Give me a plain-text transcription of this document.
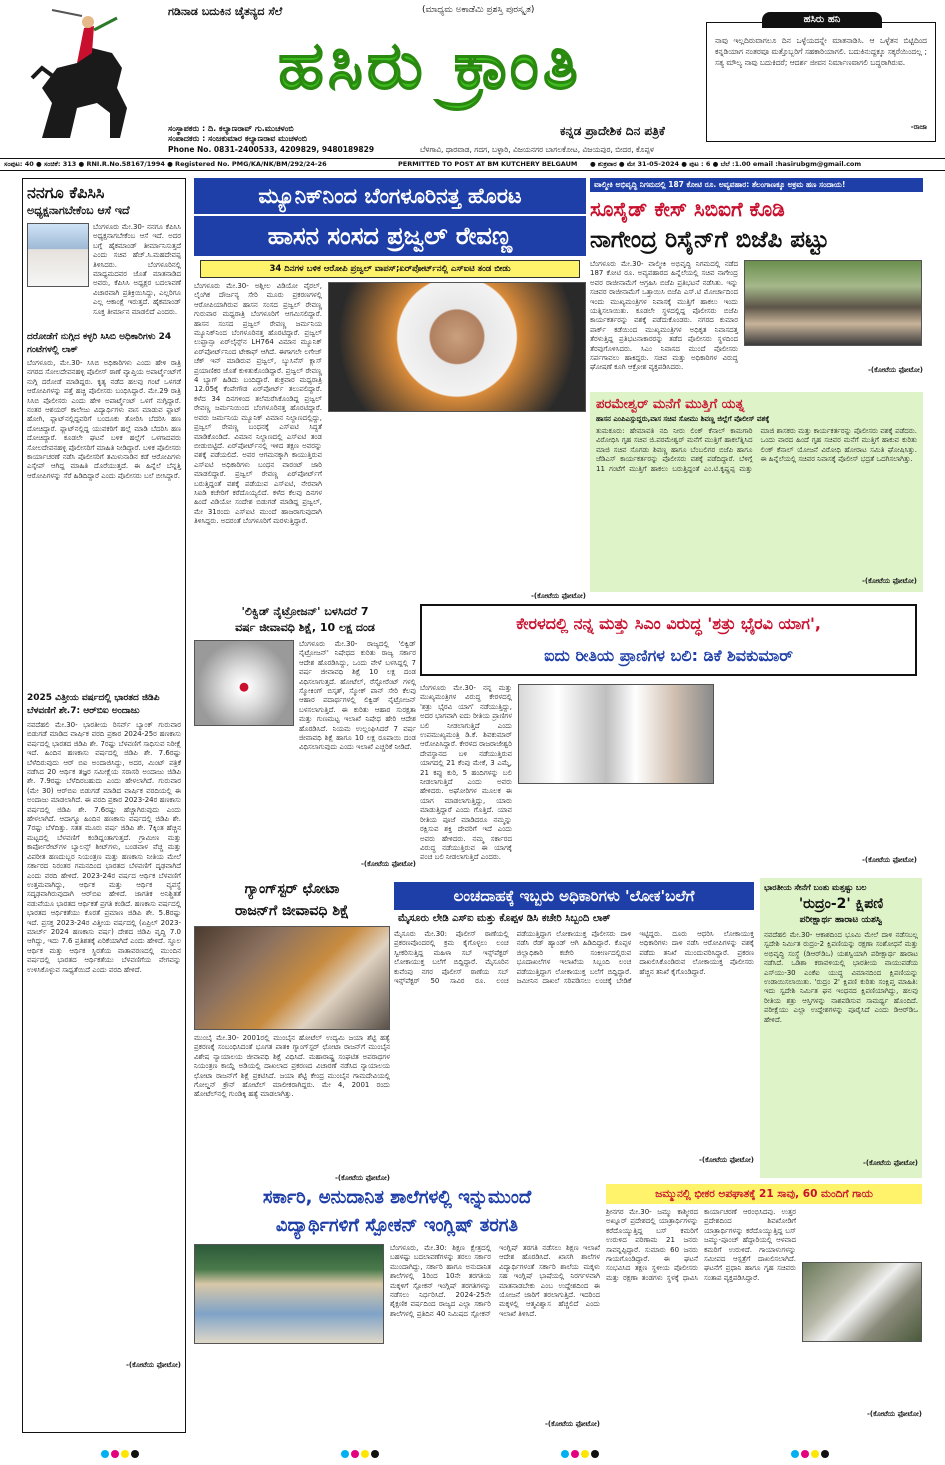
ಗಡಿನಾಡ ಬದುಕಿನ ಚೈತನ್ಯದ ಸೆಲೆ	(ಮಾಧ್ಯಮ ಅಕಾಡೆಮಿ ಪ್ರಶಸ್ತಿ ಪುರಸ್ಕೃತ)
ಹಸಿರು ಕ್ರಾಂತಿ
ಸಂಸ್ಥಾಪಕರು : ದಿ. ಕಲ್ಯಾಣರಾವ್ ಗು.ಮುಚಳಂಬಿ
ಸಂಪಾದಕರು : ಸಂಜಕುಮಾರ ಕಲ್ಯಾಣರಾವ ಮುಚಳಂಬಿ
Phone No. 0831-2400533, 4209829, 9480189829	ಬೆಳಗಾವಿ, ಧಾರವಾಡ, ಗದಗ, ಬಳ್ಳಾರಿ, ವಿಜಯನಗರ ಬಾಗಲಕೋಟ, ವಿಜಯಪುರ, ಬೀದರ, ಕೊಪ್ಪಳ
ಕನ್ನಡ ಪ್ರಾದೇಶಿಕ ದಿನ ಪತ್ರಿಕೆ
ನಾವು ಇಲ್ಲದಿರುವಾಗಲೂ ದಿನ ಒಳ್ಳೆಯದನ್ನೇ ಮಾತನಾಡಿಸಿ. ಆ ಒಳ್ಳೆತನ ಬಿಟ್ಟಿದಿಂದ ಕನ್ನಡಿಯಾಗ ನಂತರವೂ ಮತ್ತೊಬ್ಬರಿಗೆ ಸಹಕಾರಿಯಾಗಲಿ. ಬದುಕಿನುದ್ದಕ್ಕೂ ಸಕ್ಕರೆಯಿಂದಲ್ಲ ; ಸತ್ಯ ಮೌಲ್ಯ ನಾವು ಬದುಕಿದರೆ; ಆದರ್ಶ ಜೀವನ ನಿರ್ಮಾಣವಾಗಲಿ ಬದ್ಧರಾಗಿರುವ.
-ರಾಜಾ
ಹಸಿರು ಹನಿ
ಸಂಪುಟ: 40 ● ಸಂಚಿಕೆ: 313 ● RNI.R.No.58167/1994 ● Registered No. PMG/KA/NK/BM/292/24-26	PERMITTED TO POST AT BM KUTCHERY BELGAUM ● ಶುಕ್ರವಾರ ● ಮೇ 31-05-2024 ● ಪುಟ : 6 ● ಬೆಲೆ :1.00 email :hasirubgm@gmail.com
ನನಗೂ ಕೆಪಿಸಿಸಿ
ಅಧ್ಯಕ್ಷನಾಗಬೇಕೆಂಬ ಆಸೆ ಇದೆ
ಬೆಂಗಳೂರು ಮೇ.30- ನನಗೂ ಕೆಪಿಸಿಸಿ ಅಧ್ಯಕ್ಷನಾಗಬೇಕೆಂಬ ಆಸೆ ಇದೆ. ಅದರ ಬಗ್ಗೆ ಹೈಕಮಾಂಡ್ ತೀರ್ಮಾನಿಸುತ್ತದೆ ಎಂದು ಸಚಿವ ಹೆಚ್.ಸಿ.ಮಹದೇವಪ್ಪ ತಿಳಿಸಿದರು. ಬೆಂಗಳೂರಿನಲ್ಲಿ ಮಾಧ್ಯಮದವರ ಜೊತೆ ಮಾತನಾಡಿದ ಅವರು, ಕೆಪಿಸಿಸಿ ಅಧ್ಯಕ್ಷರ ಬದಲಾವಣೆ ವಿಚಾರವಾಗಿ ಪ್ರತಿಕ್ರಿಯಿಸಿದ್ದು, ಎಲ್ಲರಿಗೂ ಎಲ್ಲ ಆಕಾಂಕ್ಷೆ ಇರುತ್ತದೆ. ಹೈಕಮಾಂಡ್ ಸೂಕ್ತ ತೀರ್ಮಾನ ಮಾಡಲಿದೆ ಎಂದರು.
ದರೋಡೆಗೆ ನುಗ್ಗಿದ ಕಳ್ಳರಿ ಸಿಸಿಬಿ ಅಧಿಕಾರಿಗಳು 24 ಗಂಟೆಗಳಲ್ಲಿ ಲಾಕ್
ಬೆಂಗಳೂರು, ಮೇ.30- ಸಿಸಿಬಿ ಅಧಿಕಾರಿಗಳು ಎಂದು ಹೇಳಿ ರಾತ್ರಿ ನಗರದ ಸೋಲದೇವನಹಳ್ಳಿ ಪೊಲೀಸ್ ಠಾಣೆ ವ್ಯಾಪ್ತಿಯ ಅಪಾರ್ಟ್ಮೆಂಟ್‌ಗೆ ನುಗ್ಗಿ ದರೋಡೆ ಮಾಡಿದ್ದರು. ಕೃತ್ಯ ನಡೆದ ಹಲವು ಗಂಟೆ ಒಳಗಡೆ ಆರೋಪಿಗಳನ್ನು ಪತ್ತೆ ಹಚ್ಚಿ ಪೊಲೀಸರು ಬಂಧಿಸಿದ್ದಾರೆ. ಮೇ.29 ರಾತ್ರಿ ಸಿಸಿಬಿ ಪೊಲೀಸರು ಎಂದು ಹೇಳಿ ಅಪಾರ್ಟ್ಮೆಂಟ್ ಒಳಗೆ ನುಗ್ಗಿದ್ದಾರೆ. ನಂತರ ಆಶಯರ್ ಕಾಲೇಜು ವಿದ್ಯಾರ್ಥಿಗಳು ವಾಸ ಮಾಡುವ ಫ್ಲಾಟ್ ಹೋಗಿ, ಫ್ಲಾಟ್‌ನಲ್ಲಿದ್ದವರಿಗೆ ಬಂದೂಕು ತೋರಿಸಿ ಬೆದರಿಸಿ ಹಣ ದೋಚಿದ್ದಾರೆ. ಫ್ಲಾಟ್‌ನಲ್ಲಿದ್ದ ಯುವಕರಿಗೆ ಹಲ್ಲೆ ಮಾಡಿ ಬೆದರಿಸಿ ಹಣ ದೋಚಿದ್ದಾರೆ. ಕೂಡಲೇ ಘಟನೆ ಬಳಿಕ ಹಲ್ಲೆಗೆ ಒಳಗಾದವರು ಸೋಲದೇವನಹಳ್ಳಿ ಪೊಲೀಸರಿಗೆ ಮಾಹಿತಿ ನೀಡಿದ್ದಾರೆ. ಬಳಿಕ ಪೊಲೀಸರು ಕಾರ್ಯಾಚರಣೆ ನಡೆಸಿ ಪೊಲೀಸರಿಗೆ ತಮಿಳುನಾಡಿನ ಕಡೆ ಆರೋಪಿಗಳು ಎಸ್ಕೇಪ್ ಆಗಿದ್ದ ಮಾಹಿತಿ ದೊರೆಯುತ್ತದೆ. ಈ ಹಿನ್ನೆಲೆ ಬೆನ್ನತ್ತಿ ಆರೋಪಿಗಳನ್ನು ಸೆರೆ ಹಿಡಿದಿದ್ದಾರೆ ಎಂದು ಪೊಲೀಸರು ಬಲೆ ಬೀಸಿದ್ದಾರೆ.
2025 ವಿತ್ತೀಯ ವರ್ಷದಲ್ಲಿ ಭಾರತದ ಜಿಡಿಪಿ ಬೆಳವಣಿಗೆ ಶೇ.7: ಆರ್‌ಬಿಐ ಅಂದಾಜು
ನವದೆಹಲಿ ಮೇ.30- ಭಾರತೀಯ ರಿಸರ್ವ್ ಬ್ಯಾಂಕ್ ಗುರುವಾರ ಬಿಡುಗಡೆ ಮಾಡಿದ ವಾರ್ಷಿಕ ವರದಿ ಪ್ರಕಾರ 2024-25ರ ಹಣಕಾಸು ವರ್ಷದಲ್ಲಿ ಭಾರತದ ಜಿಡಿಪಿ ಶೇ. 7ರಷ್ಟು ಬೆಳವಣಿಗೆ ಸಾಧಿಸುವ ನಿರೀಕ್ಷೆ ಇದೆ. ಹಿಂದಿನ ಹಣಕಾಸು ವರ್ಷದಲ್ಲಿ ಜಿಡಿಪಿ ಶೇ. 7.6ರಷ್ಟು ಬೆಳೆದಿರುವುದು ಆರ್ ಬಿಐ ಅಂದಾಜಿಸಿದ್ದು, ಅದರ, ಮಿಂಟ್ ಪತ್ರಿಕೆ ನಡೆಸಿದ 20 ಆರ್ಥಿಕ ತಜ್ಞರ ಸಮೀಕ್ಷೆಯ ಸರಾಸರಿ ಅಂದಾಜು ಜಿಡಿಪಿ ಶೇ. 7.9ರಷ್ಟು ಬೆಳೆದಿರಬಹುದು ಎಂದು ಹೇಳಲಾಗಿದೆ. ಗುರುವಾರ (ಮೇ 30) ಆರ್‌ಬಿಐ ಬಿಡುಗಡೆ ಮಾಡಿದ ವಾರ್ಷಿಕ ವರದಿಯಲ್ಲಿ ಈ ಅಂದಾಜು ಮಾಡಲಾಗಿದೆ. ಈ ವರದಿ ಪ್ರಕಾರ 2023-24ರ ಹಣಕಾಸು ವರ್ಷದಲ್ಲಿ ಜಿಡಿಪಿ ಶೇ. 7.6ರಷ್ಟು ಹೆಚ್ಚಾಗಿರುವುದು ಎಂದು ಹೇಳಲಾಗಿದೆ. ಆದಾಗ್ಯೂ ಹಿಂದಿನ ಹಣಕಾಸು ವರ್ಷದಲ್ಲಿ ಜಿಡಿಪಿ ಶೇ. 7ರಷ್ಟು ಬೆಳೆದಿತ್ತು. ಸತತ ಮೂರು ವರ್ಷ ಜಿಡಿಪಿ ಶೇ. 7ಕ್ಕಿಂತ ಹೆಚ್ಚಿನ ಮಟ್ಟದಲ್ಲಿ ಬೆಳವಣಿಗೆ ಕಂಡಿದ್ದಂತಾಗುತ್ತದೆ. ಗ್ರಾಮೀಣ ಮತ್ತು ಕಾರ್ಪೋರೇಟ್‌ಗಳ ಬ್ಯಾಲನ್ಸ್ ಶೀಟ್‌ಗಳು, ಬಂಡವಾಳ ವೆಚ್ಚ ಮತ್ತು ವಿಪರೀತ ಹಣದುಬ್ಬರ ನಿಯಂತ್ರಣ ಮತ್ತು ಹಣಕಾಸು ನೀತಿಯ ಮೇಲೆ ಸರ್ಕಾರದ ನಿರಂತರ ಗಮನದಿಂದ ಭಾರತದ ಬೆಳವಣಿಗೆ ದೃಢವಾಗಿದೆ ಎಂದು ವರದಿ ಹೇಳಿದೆ. 2023-24ರ ವರ್ಷದ ಆರ್ಥಿಕ ಬೆಳವಣಿಗೆ ಉತ್ತಮವಾಗಿದ್ದು, ಆರ್ಥಿಕ ಮತ್ತು ಆರ್ಥಿಕ ವ್ಯವಸ್ಥೆ ಸದೃಢವಾಗಿರುವುದಾಗಿ ಆರ್‌ಬಿಐ ಹೇಳಿದೆ. ಜಾಗತಿಕ ಅನಿಶ್ಚಿತತೆ ನಡುವೆಯೂ ಭಾರತದ ಆರ್ಥಿಕತೆ ಪ್ರಗತಿ ಕಂಡಿದೆ. ಹಣಕಾಸು ವರ್ಷದಲ್ಲಿ ಭಾರತದ ಆರ್ಥಿಕತೆಯು ಕೊರತೆ ಪ್ರಮಾಣ ಜಿಡಿಪಿ ಶೇ. 5.8ರಷ್ಟು ಇದೆ. ಪ್ರಸಕ್ತ 2023-24ರ ವಿತ್ತೀಯ ವರ್ಷದಲ್ಲಿ (ಏಪ್ರಿಲ್ 2023-ಮಾರ್ಚ್ 2024 ಹಣಕಾಸು ವರ್ಷ) ದೇಶದ ಜಿಡಿಪಿ ವೃದ್ಧಿ 7.0 ಆಗಿದ್ದು, ಇದು 7.6 ಪ್ರತಿಶತಕ್ಕೆ ಏರಿಕೆಯಾಗಿದೆ ಎಂದು ಹೇಳಿದೆ. ಸ್ಥೂಲ ಆರ್ಥಿಕ ಮತ್ತು ಆರ್ಥಿಕ ಸ್ಥಿರತೆಯ ವಾತಾವರಣದಲ್ಲಿ ಮುಂದಿನ ವರ್ಷದಲ್ಲಿ ಭಾರತದ ಆರ್ಥಿಕತೆಯು ಬೆಳವಣಿಗೆಯ ವೇಗವನ್ನು ಉಳಿಸಿಕೊಳ್ಳುವ ಸಾಧ್ಯತೆಯಿದೆ ಎಂದು ವರದಿ ಹೇಳಿದೆ.
-(ಕೋಟೆಯ ಫೋಟೋ)
ಮ್ಯೂನಿಕ್‌ನಿಂದ ಬೆಂಗಳೂರಿನತ್ತ ಹೊರಟ
ಹಾಸನ ಸಂಸದ ಪ್ರಜ್ವಲ್ ರೇವಣ್ಣ
34 ದಿನಗಳ ಬಳಿಕ ಆರೋಪಿ ಪ್ರಜ್ವಲ್ ವಾಪಸ್;ಏರ್‌ಪೋರ್ಟ್‌ನಲ್ಲಿ ಎಸ್‌ಐಟಿ ತಂಡ ಬೀಡು
ಬೆಂಗಳೂರು ಮೇ.30- ಅಶ್ಲೀಲ ವಿಡಿಯೋ ವೈರಲ್, ಲೈಂಗಿಕ ದೌರ್ಜನ್ಯ ಸೇರಿ ಮೂರು ಪ್ರಕರಣಗಳಲ್ಲಿ ಆರೋಪಿಯಾಗಿರುವ ಹಾಸನ ಸಂಸದ ಪ್ರಜ್ವಲ್ ರೇವಣ್ಣ ಗುರುವಾರ ಮಧ್ಯರಾತ್ರಿ ಬೆಂಗಳೂರಿಗೆ ಆಗಮಿಸಲಿದ್ದಾರೆ. ಹಾಸನ ಸಂಸದ ಪ್ರಜ್ವಲ್ ರೇವಣ್ಣ ಜರ್ಮನಿಯ ಮ್ಯೂನಿಕ್‌ನಿಂದ ಬೆಂಗಳೂರಿನತ್ತ ಹೊರಟಿದ್ದಾರೆ. ಪ್ರಜ್ವಲ್ ಲುಫ್ತಾನ್ಸಾ ಏರ್‌ಲೈನ್ಸ್‌ನ LH764 ವಿಮಾನ ಮ್ಯೂನಿಕ್ ಏರ್‌ಪೋರ್ಟ್‌ನಿಂದ ಟೇಕಾಫ್ ಆಗಿದೆ. ಈಗಾಗಲೇ ಲಗೇಜ್ ಚೆಕ್ ಇನ್ ಮಾಡಿರುವ ಪ್ರಜ್ವಲ್, ಬ್ಯುಸಿನೆಸ್ ಕ್ಲಾಸ್ ಪ್ರಯಾಣಿಕರ ಜೊತೆ ಕುಳಿತುಕೊಂಡಿದ್ದಾರೆ. ಪ್ರಜ್ವಲ್ ರೇವಣ್ಣ 4 ಬ್ಯಾಗ್ ಹಿಡಿದು ಬಂದಿದ್ದಾರೆ. ಶುಕ್ರವಾರ ಮಧ್ಯರಾತ್ರಿ 12.05ಕ್ಕೆ ಕೆಂಪೇಗೌಡ ಏರ್‌ಪೋರ್ಟ್ ತಲುಪಲಿದ್ದಾರೆ. ಕಳೆದ 34 ದಿನಗಳಿಂದ ತಲೆಮರೆಸಿಕೊಂಡಿದ್ದ ಪ್ರಜ್ವಲ್ ರೇವಣ್ಣ ಜರ್ಮನಿಯಿಂದ ಬೆಂಗಳೂರಿನತ್ತ ಹೊರಟಿದ್ದಾರೆ. ಅವರು ಜರ್ಮನಿಯ ಮ್ಯೂನಿಕ್ ವಿಮಾನ ನಿಲ್ದಾಣದಲ್ಲಿದ್ದು, ಪ್ರಜ್ವಲ್ ರೇವಣ್ಣ ಬಂಧನಕ್ಕೆ ಎಸ್‌ಐಟಿ ಸಿದ್ಧತೆ ಮಾಡಿಕೊಂಡಿದೆ. ವಿಮಾನ ನಿಲ್ದಾಣದಲ್ಲಿ ಎಸ್‌ಐಟಿ ತಂಡ ಬೀಡುಬಿಟ್ಟಿದೆ. ಏರ್‌ಪೋರ್ಟ್‌ನಲ್ಲಿ ಇಳಿದ ತಕ್ಷಣ ಅವರನ್ನು ವಶಕ್ಕೆ ಪಡೆಯಲಿದೆ. ಅವರ ಆಗಮನಕ್ಕಾಗಿ ಕಾಯುತ್ತಿರುವ ಎಸ್‌ಐಟಿ ಅಧಿಕಾರಿಗಳು ಬಂಧನ ವಾರಂಟ್ ಜಾರಿ ಮಾಡಲಿದ್ದಾರೆ. ಪ್ರಜ್ವಲ್ ರೇವಣ್ಣ ಏರ್‌ಪೋರ್ಟ್‌ಗೆ ಬರುತ್ತಿದ್ದಂತೆ ವಶಕ್ಕೆ ಪಡೆಯುವ ಎಸ್‌ಐಟಿ, ನೇರವಾಗಿ ಸಿಐಡಿ ಕಚೇರಿಗೆ ಕರೆದೊಯ್ಯಲಿದೆ. ಕಳೆದ ಕೆಲವು ದಿನಗಳ ಹಿಂದೆ ವಿಡಿಯೋ ಸಂದೇಶ ಬಿಡುಗಡೆ ಮಾಡಿದ್ದ ಪ್ರಜ್ವಲ್, ಮೇ 31ರಂದು ಎಸ್‌ಐಟಿ ಮುಂದೆ ಹಾಜರಾಗುವುದಾಗಿ ತಿಳಿಸಿದ್ದರು. ಅದರಂತೆ ಬೆಂಗಳೂರಿಗೆ ಮರಳುತ್ತಿದ್ದಾರೆ.
-(ಕೋಟೆಯ ಫೋಟೋ)
ವಾಲ್ಮೀಕಿ ಅಭಿವೃದ್ಧಿ ನಿಗಮದಲ್ಲಿ 187 ಕೋಟಿ ರೂ. ಅವ್ಯವಹಾರ: ತೆಲಂಗಾಣಕ್ಕೂ ಅಕ್ರಮ ಹಣ ಸಂದಾಯ!
ಸೂಸೈಡ್ ಕೇಸ್ ಸಿಬಿಐಗೆ ಕೊಡಿ
ನಾಗೇಂದ್ರ ರಿಸೈನ್‌ಗೆ ಬಿಜೆಪಿ ಪಟ್ಟು
ಬೆಂಗಳೂರು ಮೇ.30- ವಾಲ್ಮೀಕಿ ಅಭಿವೃದ್ಧಿ ನಿಗಮದಲ್ಲಿ ನಡೆದ 187 ಕೋಟಿ ರೂ. ಅವ್ಯವಹಾರದ ಹಿನ್ನೆಲೆಯಲ್ಲಿ ಸಚಿವ ನಾಗೇಂದ್ರ ಅವರ ರಾಜೀನಾಮೆಗೆ ಆಗ್ರಹಿಸಿ ಬಿಜೆಪಿ ಪ್ರತಿಭಟನೆ ನಡೆಸಿತು. ಇನ್ನು ಸಚಿವರ ರಾಜೀನಾಮೆಗೆ ಒತ್ತಾಯಿಸಿ ಬಿಜೆಪಿ ಎಸ್.ಟಿ ಮೋರ್ಚಾದಿಂದ ಇಂದು ಮುಖ್ಯಮಂತ್ರಿಗಳ ನಿವಾಸಕ್ಕೆ ಮುತ್ತಿಗೆ ಹಾಕಲು ಇಂದು ಯತ್ನಿಸಲಾಯಿತು. ಕೂಡಲೇ ಸ್ಥಳದಲ್ಲಿದ್ದ ಪೊಲೀಸರು ಬಿಜೆಪಿ ಕಾರ್ಯಕರ್ತರನ್ನು ವಶಕ್ಕೆ ಪಡೆದುಕೊಂಡರು. ನಗರದ ಕುಮಾರ ಪಾರ್ಕ್ ಕಡೆಯಿಂದ ಮುಖ್ಯಮಂತ್ರಿಗಳ ಅಧಿಕೃತ ನಿವಾಸದತ್ತ ತೆರಳುತ್ತಿದ್ದ ಪ್ರತಿಭಟನಾಕಾರರನ್ನು ತಡೆದ ಪೊಲೀಸರು ಸ್ಥಳದಿಂದ ತೆರವುಗೊಳಿಸಿದರು. ಸಿಎಂ ನಿವಾಸದ ಮುಂದೆ ಪೊಲೀಸರು ಸರ್ಪಗಾವಲು ಹಾಕಿದ್ದರು. ಸಚಿವ ಮತ್ತು ಅಧಿಕಾರಿಗಳ ವಿರುದ್ಧ ಘೋಷಣೆ ಕೂಗಿ ಆಕ್ರೋಶ ವ್ಯಕ್ತಪಡಿಸಿದರು.	-(ಕೋಟೆಯ ಫೋಟೋ)
ಪರಮೇಶ್ವರ್ ಮನೆಗೆ ಮುತ್ತಿಗೆ ಯತ್ನ
ಹಾಸನ ಎಂಪಿಎಸ್ಸುದ್ದರು,ವಾಸ ಸಚಿವ ಸೋಮು ಶಿವಣ್ಣ ಜಿಲ್ಲೆಗೆ ಪೊಲೀಸ್ ವಶಕ್ಕೆ
ತುಮಕೂರು: ಹೇಮಾವತಿ ನದಿ ನೀರು ಲಿಂಕ್ ಕೆನಾಲ್ ಕಾಮಗಾರಿ ವಿರೋಧಿಸಿ ಗೃಹ ಸಚಿವ ಜಿ.ಪರಮೇಶ್ವರ್ ಮನೆಗೆ ಮುತ್ತಿಗೆ ಹಾಕಲೆತ್ನಿಸಿದ ಮಾಜಿ ಸಚಿವ ಸೊಗಡು ಶಿವಣ್ಣ ಹಾಗೂ ಬೆಂಬಲಿಗರ ಬಿಜೆಪಿ ಹಾಗೂ ಜೆಡಿಎಸ್ ಕಾರ್ಯಕರ್ತರನ್ನು ಪೊಲೀಸರು ವಶಕ್ಕೆ ಪಡೆದಿದ್ದಾರೆ. ಬೆಳಿಗ್ಗೆ 11 ಗಂಟೆಗೆ ಮುತ್ತಿಗೆ ಹಾಕಲು ಬರುತ್ತಿದ್ದಂತೆ ಎಂ.ಟಿ.ಕೃಷ್ಣಪ್ಪ ಮತ್ತು ಮಾಜಿ ಶಾಸಕರು ಮತ್ತು ಕಾರ್ಯಕರ್ತರನ್ನು ಪೊಲೀಸರು ವಶಕ್ಕೆ ಪಡೆದರು. ಒಂದು ವಾರದ ಹಿಂದೆ ಗೃಹ ಸಚಿವರ ಮನೆಗೆ ಮುತ್ತಿಗೆ ಹಾಕುವ ಕುರಿತು ಲಿಂಕ್ ಕೆನಾಲ್ ಯೋಜನೆ ವಿರೋಧಿ ಹೋರಾಟ ಸಮಿತಿ ಘೋಷಿಸಿತ್ತು. ಈ ಹಿನ್ನೆಲೆಯಲ್ಲಿ ಸಚಿವರ ನಿವಾಸಕ್ಕೆ ಪೊಲೀಸ್ ಭದ್ರತೆ ಒದಗಿಸಲಾಗಿತ್ತು.
-(ಕೋಟೆಯ ಫೋಟೋ)
'ಲಿಕ್ವಿಡ್ ನೈಟ್ರೋಜನ್' ಬಳಸಿದರೆ 7
ವರ್ಷ ಜೀವಾವಧಿ ಶಿಕ್ಷೆ, 10 ಲಕ್ಷ ದಂಡ
ಬೆಂಗಳೂರು ಮೇ.30- ರಾಜ್ಯದಲ್ಲಿ 'ಲಿಕ್ವಿಡ್ ನೈಟ್ರೋಜನ್' ನಿಷೇಧದ ಕುರಿತು ರಾಜ್ಯ ಸರ್ಕಾರ ಆದೇಶ ಹೊರಡಿಸಿದ್ದು, ಒಂದು ವೇಳೆ ಬಳಸಿದ್ದಲ್ಲಿ 7 ವರ್ಷ ಜೀವಾವಧಿ ಶಿಕ್ಷೆ 10 ಲಕ್ಷ ದಂಡ ವಿಧಿಸಲಾಗುತ್ತದೆ. ಹೋಟೆಲ್, ರೆಸ್ಟೋರೆಂಟ್ ಗಳಲ್ಲಿ ಸ್ಮೋಕಿಂಗ್ ಬಿಸ್ಕತ್, ಸ್ಮೋಕ್ ಪಾನ್ ಸೇರಿ ಕೆಲವು ಆಹಾರ ಪದಾರ್ಥಗಳಲ್ಲಿ ಲಿಕ್ವಿಡ್ ನೈಟ್ರೋಜನ್ ಬಳಸಲಾಗುತ್ತಿದೆ. ಈ ಕುರಿತು ಆಹಾರ ಸುರಕ್ಷತಾ ಮತ್ತು ಗುಣಮಟ್ಟ ಇಲಾಖೆ ನಿಷೇಧ ಹೇರಿ ಆದೇಶ ಹೊರಡಿಸಿದೆ. ನಿಯಮ ಉಲ್ಲಂಘಿಸಿದರೆ 7 ವರ್ಷ ಜೀವಾವಧಿ ಶಿಕ್ಷೆ ಹಾಗೂ 10 ಲಕ್ಷ ರೂಪಾಯಿ ದಂಡ ವಿಧಿಸಲಾಗುವುದು ಎಂದು ಇಲಾಖೆ ಎಚ್ಚರಿಕೆ ನೀಡಿದೆ.
-(ಕೋಟೆಯ ಫೋಟೋ)
ಕೇರಳದಲ್ಲಿ ನನ್ನ ಮತ್ತು ಸಿಎಂ ವಿರುದ್ಧ 'ಶತ್ರು ಭೈರವಿ ಯಾಗ',
ಐದು ರೀತಿಯ ಪ್ರಾಣಿಗಳ ಬಲಿ: ಡಿಕೆ ಶಿವಕುಮಾರ್
ಬೆಂಗಳೂರು ಮೇ.30- ನನ್ನ ಮತ್ತು ಮುಖ್ಯಮಂತ್ರಿಗಳ ವಿರುದ್ಧ ಕೇರಳದಲ್ಲಿ 'ಶತ್ರು ಭೈರವಿ ಯಾಗ' ನಡೆಯುತ್ತಿದ್ದು, ಅದರ ಭಾಗವಾಗಿ ಐದು ರೀತಿಯ ಪ್ರಾಣಿಗಳ ಬಲಿ ನೀಡಲಾಗುತ್ತಿದೆ ಎಂದು ಉಪಮುಖ್ಯಮಂತ್ರಿ ಡಿ.ಕೆ. ಶಿವಕುಮಾರ್ ಆರೋಪಿಸಿದ್ದಾರೆ. ಕೇರಳದ ರಾಜರಾಜೇಶ್ವರಿ ದೇವಸ್ಥಾನದ ಬಳಿ ನಡೆಯುತ್ತಿರುವ ಯಾಗದಲ್ಲಿ 21 ಕೆಂಪು ಮೇಕೆ, 3 ಎಮ್ಮೆ, 21 ಕಪ್ಪು ಕುರಿ, 5 ಹಂದಿಗಳನ್ನು ಬಲಿ ನೀಡಲಾಗುತ್ತಿದೆ ಎಂದು ಅವರು ಹೇಳಿದರು. ಅಘೋರಿಗಳ ಮೂಲಕ ಈ ಯಾಗ ಮಾಡಲಾಗುತ್ತಿದ್ದು, ಯಾರು ಮಾಡುತ್ತಿದ್ದಾರೆ ಎಂದು ಗೊತ್ತಿದೆ. ಯಾವ ರೀತಿಯ ಪೂಜೆ ಮಾಡಿದರೂ ನಮ್ಮನ್ನು ರಕ್ಷಿಸುವ ಶಕ್ತಿ ದೇವರಿಗೆ ಇದೆ ಎಂದು ಅವರು ಹೇಳಿದರು. ನಮ್ಮ ಸರ್ಕಾರದ ವಿರುದ್ಧ ನಡೆಯುತ್ತಿರುವ ಈ ಯಾಗಕ್ಕೆ ಪಂಚ ಬಲಿ ನೀಡಲಾಗುತ್ತಿದೆ ಎಂದರು.	-(ಕೋಟೆಯ ಫೋಟೋ)
ಗ್ಯಾಂಗ್‌ಸ್ಟರ್ ಛೋಟಾ
ರಾಜನ್‌ಗೆ ಜೀವಾವಧಿ ಶಿಕ್ಷೆ
ಮುಂಬೈ ಮೇ.30- 2001ರಲ್ಲಿ ಮುಂಬೈನ ಹೋಟೆಲ್ ಉದ್ಯಮಿ ಜಯಾ ಶೆಟ್ಟಿ ಹತ್ಯೆ ಪ್ರಕರಣಕ್ಕೆ ಸಂಬಂಧಿಸಿದಂತೆ ಭೂಗತ ಪಾತಕಿ ಗ್ಯಾಂಗ್‌ಸ್ಟರ್ ಛೋಟಾ ರಾಜನ್‌ಗೆ ಮುಂಬೈನ ವಿಶೇಷ ನ್ಯಾಯಾಲಯ ಜೀವಾವಧಿ ಶಿಕ್ಷೆ ವಿಧಿಸಿದೆ. ಮಹಾರಾಷ್ಟ್ರ ಸಂಘಟಿತ ಅಪರಾಧಗಳ ನಿಯಂತ್ರಣ ಕಾಯ್ದೆ ಅಡಿಯಲ್ಲಿ ದಾಖಲಾದ ಪ್ರಕರಣದ ವಿಚಾರಣೆ ನಡೆಸಿದ ನ್ಯಾಯಾಲಯ ಛೋಟಾ ರಾಜನ್‌ಗೆ ಶಿಕ್ಷೆ ಪ್ರಕಟಿಸಿದೆ. ಜಯಾ ಶೆಟ್ಟಿ ಕೇಂದ್ರ ಮುಂಬೈನ ಗಾಮದೇವಿಯಲ್ಲಿ ಗೋಲ್ಡನ್ ಕ್ರೌನ್ ಹೋಟೆಲ್ ಮಾಲೀಕರಾಗಿದ್ದರು. ಮೇ 4, 2001 ರಂದು ಹೋಟೆಲ್‌ನಲ್ಲಿ ಗುಂಡಿಕ್ಕಿ ಹತ್ಯೆ ಮಾಡಲಾಗಿತ್ತು.
-(ಕೋಟೆಯ ಫೋಟೋ)
ಲಂಚದಾಹಕ್ಕೆ ಇಬ್ಬರು ಅಧಿಕಾರಿಗಳು 'ಲೋಕ'ಬಲೆಗೆ
ಮೈಸೂರು ಲೇಡಿ ಎಸ್‌ಐ ಮತ್ತು ಕೊಪ್ಪಳ ಡಿಸಿ ಕಚೇರಿ ಸಿಬ್ಬಂದಿ ಲಾಕ್
ಮೈಸೂರು ಮೇ.30: ಪೊಲೀಸ್ ಠಾಣೆಯಲ್ಲಿ ಪ್ರಕರಣವೊಂದರಲ್ಲಿ ಕ್ರಮ ಕೈಗೊಳ್ಳಲು ಲಂಚ ಸ್ವೀಕರಿಸುತ್ತಿದ್ದ ಮಹಿಳಾ ಸಬ್ ಇನ್ಸ್‌ಪೆಕ್ಟರ್ ಲೋಕಾಯುಕ್ತ ಬಲೆಗೆ ಬಿದ್ದಿದ್ದಾರೆ. ಮೈಸೂರಿನ ಕುವೆಂಪು ನಗರ ಪೊಲೀಸ್ ಠಾಣೆಯ ಸಬ್ ಇನ್ಸ್‌ಪೆಕ್ಟರ್ 50 ಸಾವಿರ ರೂ. ಲಂಚ ಪಡೆಯುತ್ತಿದ್ದಾಗ ಲೋಕಾಯುಕ್ತ ಪೊಲೀಸರು ದಾಳಿ ನಡೆಸಿ ರೆಡ್ ಹ್ಯಾಂಡ್ ಆಗಿ ಹಿಡಿದಿದ್ದಾರೆ. ಕೊಪ್ಪಳ ಜಿಲ್ಲಾಧಿಕಾರಿ ಕಚೇರಿ ಸಂಕೀರ್ಣದಲ್ಲಿರುವ ಭೂದಾಖಲೆಗಳ ಇಲಾಖೆಯ ಸಿಬ್ಬಂದಿ ಲಂಚ ಪಡೆಯುತ್ತಿದ್ದಾಗ ಲೋಕಾಯುಕ್ತ ಬಲೆಗೆ ಬಿದ್ದಿದ್ದಾರೆ. ಜಮೀನಿನ ದಾಖಲೆ ಸರಿಪಡಿಸಲು ಲಂಚಕ್ಕೆ ಬೇಡಿಕೆ ಇಟ್ಟಿದ್ದರು. ದೂರು ಆಧರಿಸಿ ಲೋಕಾಯುಕ್ತ ಅಧಿಕಾರಿಗಳು ದಾಳಿ ನಡೆಸಿ ಆರೋಪಿಗಳನ್ನು ವಶಕ್ಕೆ ಪಡೆದು ತನಿಖೆ ಮುಂದುವರಿಸಿದ್ದಾರೆ. ಪ್ರಕರಣ ದಾಖಲಿಸಿಕೊಂಡಿರುವ ಲೋಕಾಯುಕ್ತ ಪೊಲೀಸರು ಹೆಚ್ಚಿನ ತನಿಖೆ ಕೈಗೊಂಡಿದ್ದಾರೆ.
-(ಕೋಟೆಯ ಫೋಟೋ)
ಭಾರತೀಯ ಸೇನೆಗೆ ಬಂತು ಮತ್ತಷ್ಟು ಬಲ
'ರುದ್ರಂ-2' ಕ್ಷಿಪಣಿ
ಪರೀಕ್ಷಾರ್ಥ ಹಾರಾಟ ಯಶಸ್ವಿ
ನವದೆಹಲಿ ಮೇ.30- ಆಕಾಶದಿಂದ ಭೂಮಿ ಮೇಲೆ ದಾಳಿ ನಡೆಸಬಲ್ಲ ಸ್ವದೇಶಿ ನಿರ್ಮಿತ ರುದ್ರಂ-2 ಕ್ಷಿಪಣಿಯನ್ನು ರಕ್ಷಣಾ ಸಂಶೋಧನೆ ಮತ್ತು ಅಭಿವೃದ್ಧಿ ಸಂಸ್ಥೆ (ಡಿಆರ್‌ಡಿಒ) ಯಶಸ್ವಿಯಾಗಿ ಪರೀಕ್ಷಾರ್ಥ ಹಾರಾಟ ನಡೆಸಿದೆ. ಒಡಿಶಾ ಕರಾವಳಿಯಲ್ಲಿ ಭಾರತೀಯ ವಾಯುಪಡೆಯ ಎಸ್‌ಯು-30 ಎಂಕೆಐ ಯುದ್ಧ ವಿಮಾನದಿಂದ ಕ್ಷಿಪಣಿಯನ್ನು ಉಡಾಯಿಸಲಾಯಿತು. 'ರುದ್ರಂ 2' ಕ್ಷಿಪಣಿ ಕುರಿತು ಸಂಕ್ಷಿಪ್ತ ಮಾಹಿತಿ: ಇದು ಸ್ವದೇಶಿ ನಿರ್ಮಿತ ಘನ ಇಂಧನದ ಕ್ಷಿಪಣಿಯಾಗಿದ್ದು, ಹಲವು ರೀತಿಯ ಶತ್ರು ಆಸ್ತಿಗಳನ್ನು ನಾಶಪಡಿಸುವ ಸಾಮರ್ಥ್ಯ ಹೊಂದಿದೆ. ಪರೀಕ್ಷೆಯು ಎಲ್ಲಾ ಉದ್ದೇಶಗಳನ್ನು ಪೂರೈಸಿದೆ ಎಂದು ಡಿಆರ್‌ಡಿಒ ಹೇಳಿದೆ.
-(ಕೋಟೆಯ ಫೋಟೋ)
ಸರ್ಕಾರಿ, ಅನುದಾನಿತ ಶಾಲೆಗಳಲ್ಲಿ ಇನ್ನುಮುಂದೆ
ವಿದ್ಯಾರ್ಥಿಗಳಿಗೆ ಸ್ಪೋಕನ್ ಇಂಗ್ಲಿಷ್ ತರಗತಿ
ಬೆಂಗಳೂರು, ಮೇ.30: ಶಿಕ್ಷಣ ಕ್ಷೇತ್ರದಲ್ಲಿ ಬಹಳಷ್ಟು ಬದಲಾವಣೆಗಳನ್ನು ತರಲು ಸರ್ಕಾರ ಮುಂದಾಗಿದ್ದು, ಸರ್ಕಾರಿ ಹಾಗೂ ಅನುದಾನಿತ ಶಾಲೆಗಳಲ್ಲಿ 1ರಿಂದ 10ನೇ ತರಗತಿಯ ಮಕ್ಕಳಿಗೆ ಸ್ಪೋಕನ್ ಇಂಗ್ಲಿಷ್ ತರಗತಿಗಳನ್ನು ನಡೆಸಲು ನಿರ್ಧರಿಸಿದೆ. 2024-25ನೇ ಶೈಕ್ಷಣಿಕ ವರ್ಷದಿಂದ ರಾಜ್ಯದ ಎಲ್ಲಾ ಸರ್ಕಾರಿ ಶಾಲೆಗಳಲ್ಲಿ ಪ್ರತಿದಿನ 40 ನಿಮಿಷದ ಸ್ಪೋಕನ್ ಇಂಗ್ಲಿಷ್ ತರಗತಿ ನಡೆಸಲು ಶಿಕ್ಷಣ ಇಲಾಖೆ ಆದೇಶ ಹೊರಡಿಸಿದೆ. ಖಾಸಗಿ ಶಾಲೆಗಳ ವಿದ್ಯಾರ್ಥಿಗಳಂತೆ ಸರ್ಕಾರಿ ಶಾಲೆಯ ಮಕ್ಕಳು ಸಹ ಇಂಗ್ಲಿಷ್ ಭಾಷೆಯಲ್ಲಿ ನಿರರ್ಗಳವಾಗಿ ಮಾತನಾಡಬೇಕು ಎಂಬ ಉದ್ದೇಶದಿಂದ ಈ ಯೋಜನೆ ಜಾರಿಗೆ ತರಲಾಗುತ್ತಿದೆ. ಇದರಿಂದ ಮಕ್ಕಳಲ್ಲಿ ಆತ್ಮವಿಶ್ವಾಸ ಹೆಚ್ಚಲಿದೆ ಎಂದು ಇಲಾಖೆ ತಿಳಿಸಿದೆ.
-(ಕೋಟೆಯ ಫೋಟೋ)
ಜಮ್ಮುನಲ್ಲಿ ಭೀಕರ ಅಪಘಾತಕ್ಕೆ 21 ಸಾವು, 60 ಮಂದಿಗೆ ಗಾಯ
ಶ್ರೀನಗರ ಮೇ.30- ಜಮ್ಮು ಕಾಶ್ಮೀರದ ಅಖ್ನೂರ್ ಪ್ರದೇಶದಲ್ಲಿ ಯಾತ್ರಾರ್ಥಿಗಳನ್ನು ಕರೆದೊಯ್ಯುತ್ತಿದ್ದ ಬಸ್ ಕಮರಿಗೆ ಉರುಳಿದ ಪರಿಣಾಮ 21 ಜನರು ಸಾವನ್ನಪ್ಪಿದ್ದಾರೆ. ಸುಮಾರು 60 ಜನರು ಗಾಯಗೊಂಡಿದ್ದಾರೆ. ಈ ಘಟನೆ ಸಂಭವಿಸಿದ ತಕ್ಷಣ ಸ್ಥಳೀಯ ಪೊಲೀಸರು ಮತ್ತು ರಕ್ಷಣಾ ತಂಡಗಳು ಸ್ಥಳಕ್ಕೆ ಧಾವಿಸಿ ಕಾರ್ಯಾಚರಣೆ ಆರಂಭಿಸಿದವು. ಉತ್ತರ ಪ್ರದೇಶದಿಂದ ಶಿವಖೋಡಿಗೆ ಯಾತ್ರಾರ್ಥಿಗಳನ್ನು ಕರೆದೊಯ್ಯುತ್ತಿದ್ದ ಬಸ್ ಜಮ್ಮು-ಪೂಂಚ್ ಹೆದ್ದಾರಿಯಲ್ಲಿ ಆಳವಾದ ಕಮರಿಗೆ ಉರುಳಿದೆ. ಗಾಯಾಳುಗಳನ್ನು ಸಮೀಪದ ಆಸ್ಪತ್ರೆಗೆ ದಾಖಲಿಸಲಾಗಿದೆ. ಘಟನೆಗೆ ಪ್ರಧಾನಿ ಹಾಗೂ ಗೃಹ ಸಚಿವರು ಸಂತಾಪ ವ್ಯಕ್ತಪಡಿಸಿದ್ದಾರೆ.
-(ಕೋಟೆಯ ಫೋಟೋ)
